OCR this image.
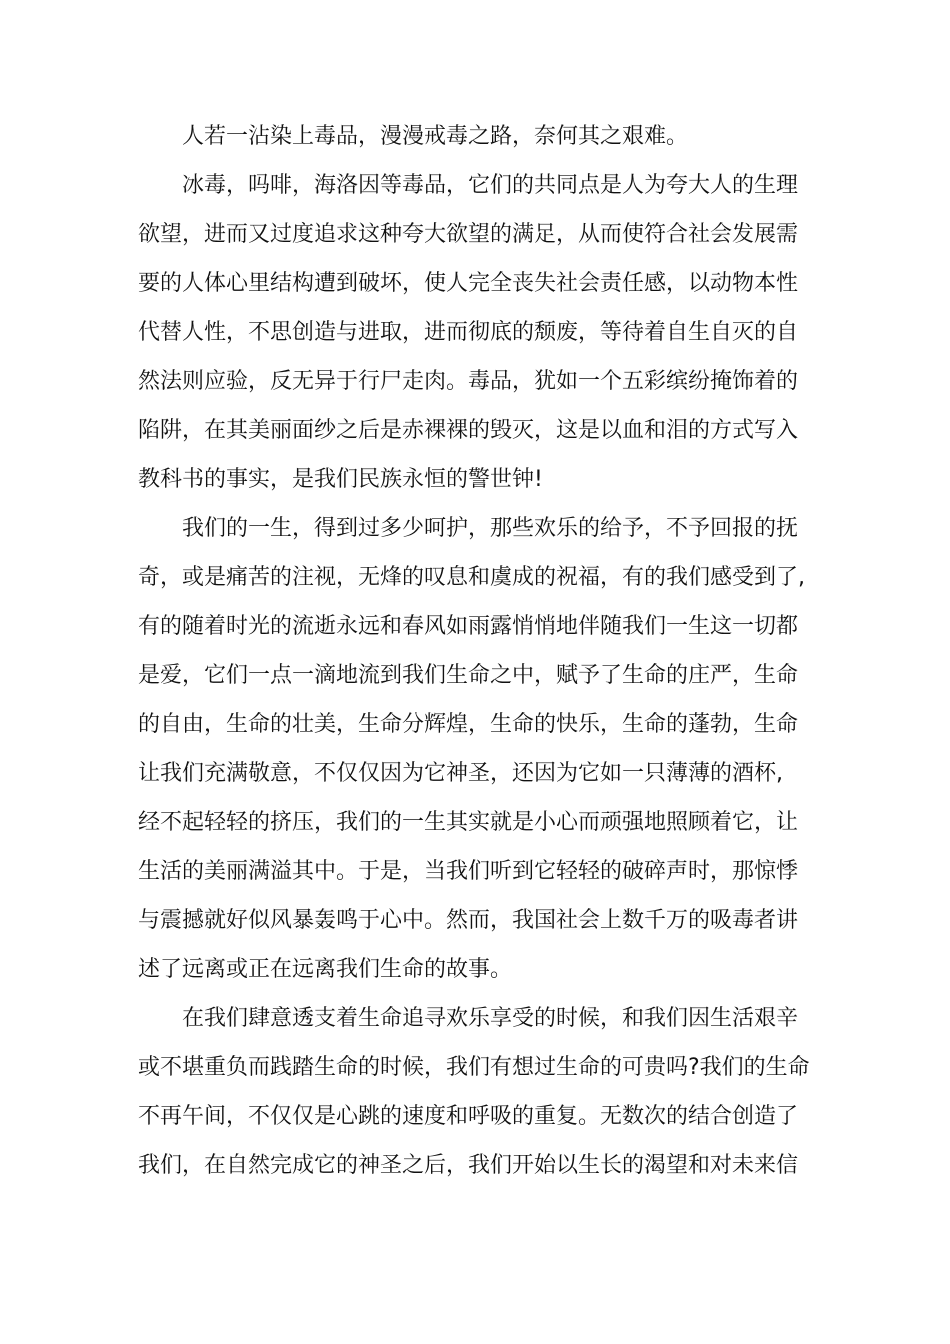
人若一沾染上毒品，漫漫戒毒之路，奈何其之艰难。
冰毒，吗啡，海洛因等毒品，它们的共同点是人为夸大人的生理
欲望，进而又过度追求这种夸大欲望的满足，从而使符合社会发展需
要的人体心里结构遭到破坏，使人完全丧失社会责任感，以动物本性
代替人性，不思创造与进取，进而彻底的颓废，等待着自生自灭的自
然法则应验，反无异于行尸走肉。毒品，犹如一个五彩缤纷掩饰着的
陷阱，在其美丽面纱之后是赤裸裸的毁灭，这是以血和泪的方式写入
教科书的事实，是我们民族永恒的警世钟!
我们的一生，得到过多少呵护，那些欢乐的给予，不予回报的抚
奇，或是痛苦的注视，无烽的叹息和虞成的祝福，有的我们感受到了,
有的随着时光的流逝永远和春风如雨露悄悄地伴随我们一生这一切都
是爱，它们一点一滴地流到我们生命之中，赋予了生命的庄严，生命
的自由，生命的壮美，生命分辉煌，生命的快乐，生命的蓬勃，生命
让我们充满敬意，不仅仅因为它神圣，还因为它如一只薄薄的酒杯,
经不起轻轻的挤压，我们的一生其实就是小心而顽强地照顾着它，让
生活的美丽满溢其中。于是，当我们听到它轻轻的破碎声时，那惊悸
与震撼就好似风暴轰鸣于心中。然而，我国社会上数千万的吸毒者讲
述了远离或正在远离我们生命的故事。
在我们肆意透支着生命追寻欢乐享受的时候，和我们因生活艰辛
或不堪重负而践踏生命的时候，我们有想过生命的可贵吗?我们的生命
不再午间，不仅仅是心跳的速度和呼吸的重复。无数次的结合创造了
我们，在自然完成它的神圣之后，我们开始以生长的渴望和对未来信
